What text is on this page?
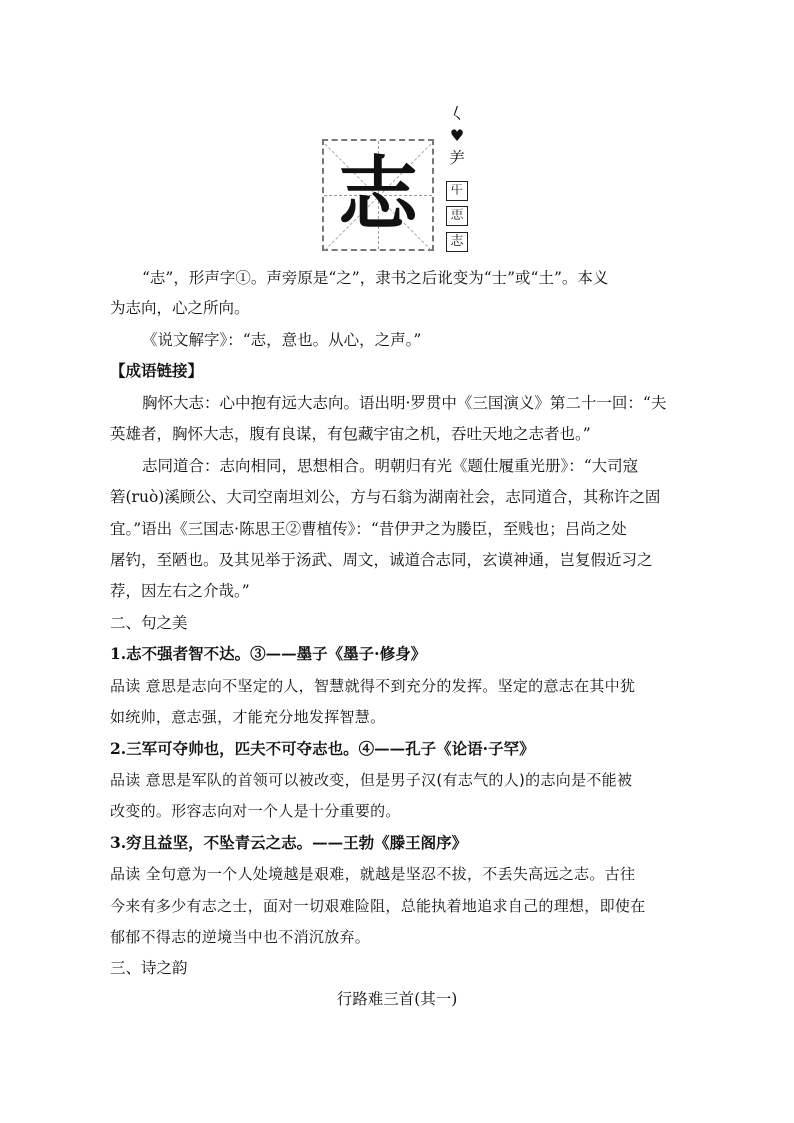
志
𡿨
♥
⺶
𡕒
𢘑
志
“志”，形声字①。声旁原是“之”，隶书之后讹变为“士”或“土”。本义
为志向，心之所向。
《说文解字》：“志，意也。从心，之声。”
【成语链接】
胸怀大志：心中抱有远大志向。语出明·罗贯中《三国演义》第二十一回：“夫
英雄者，胸怀大志，腹有良谋，有包藏宇宙之机，吞吐天地之志者也。”
志同道合：志向相同，思想相合。明朝归有光《题仕履重光册》：“大司寇
箬(ruò)溪顾公、大司空南坦刘公，方与石翁为湖南社会，志同道合，其称许之固
宜。”语出《三国志·陈思王②曹植传》：“昔伊尹之为媵臣，至贱也；吕尚之处
屠钓，至陋也。及其见举于汤武、周文，诚道合志同，玄谟神通，岂复假近习之
荐，因左右之介哉。”
二、句之美
1.志不强者智不达。③——墨子《墨子·修身》
品读 意思是志向不坚定的人，智慧就得不到充分的发挥。坚定的意志在其中犹
如统帅，意志强，才能充分地发挥智慧。
2.三军可夺帅也，匹夫不可夺志也。④——孔子《论语·子罕》
品读 意思是军队的首领可以被改变，但是男子汉(有志气的人)的志向是不能被
改变的。形容志向对一个人是十分重要的。
3.穷且益坚，不坠青云之志。——王勃《滕王阁序》
品读 全句意为一个人处境越是艰难，就越是坚忍不拔，不丢失高远之志。古往
今来有多少有志之士，面对一切艰难险阻，总能执着地追求自己的理想，即使在
郁郁不得志的逆境当中也不消沉放弃。
三、诗之韵
行路难三首(其一)
